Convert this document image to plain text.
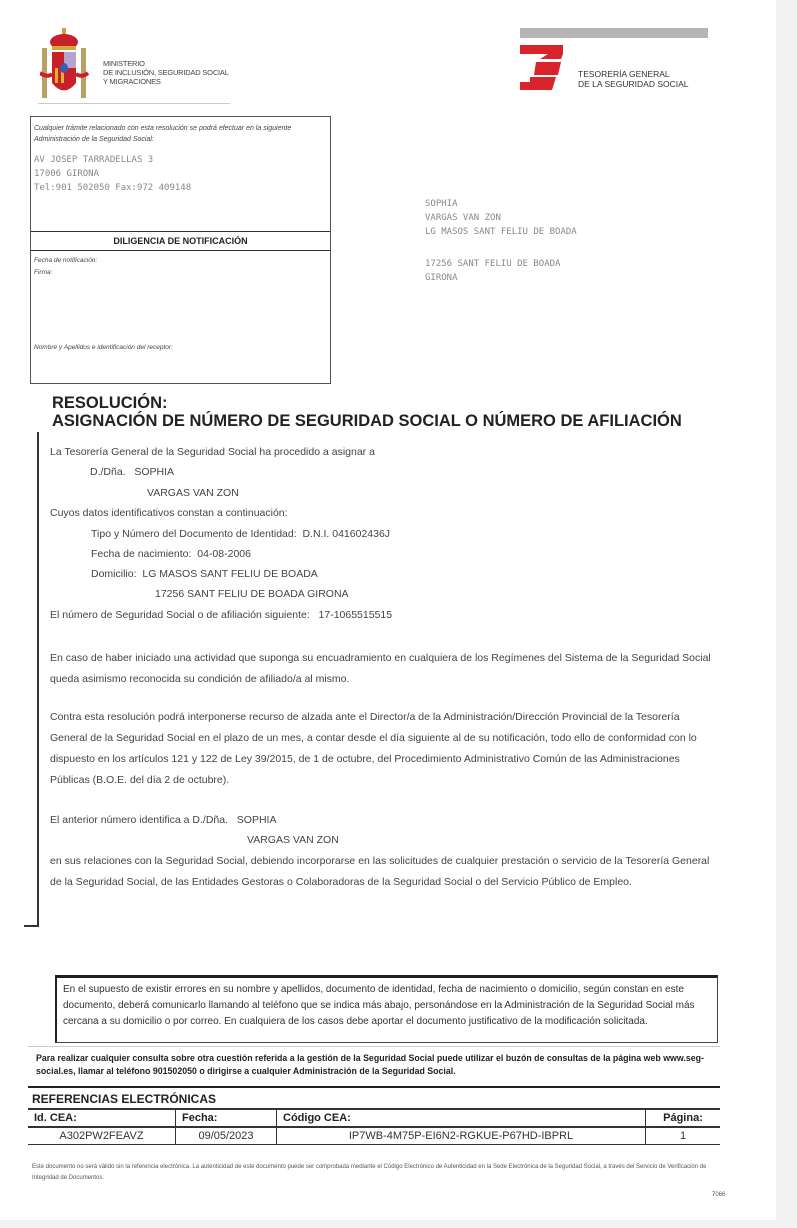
MINISTERIO
DE INCLUSIÓN, SEGURIDAD SOCIAL
Y MIGRACIONES
TESORERÍA GENERAL
DE LA SEGURIDAD SOCIAL
Cualquier trámite relacionado con esta resolución se podrá efectuar en la siguiente Administración de la Seguridad Social:
AV JOSEP TARRADELLAS 3
17006 GIRONA
Tel:901 502050 Fax:972 409148
DILIGENCIA DE NOTIFICACIÓN
Fecha de notificación:
Firma:
Nombre y Apellidos e identificación del receptor:
SOPHIA
VARGAS VAN ZON
LG MASOS SANT FELIU DE BOADA
17256 SANT FELIU DE BOADA
GIRONA
RESOLUCIÓN:
ASIGNACIÓN DE NÚMERO DE SEGURIDAD SOCIAL O NÚMERO DE AFILIACIÓN
La Tesorería General de la Seguridad Social ha procedido a asignar a
D./Dña. SOPHIA
VARGAS VAN ZON
Cuyos datos identificativos constan a continuación:
Tipo y Número del Documento de Identidad: D.N.I. 041602436J
Fecha de nacimiento: 04-08-2006
Domicilio: LG MASOS SANT FELIU DE BOADA
17256 SANT FELIU DE BOADA GIRONA
El número de Seguridad Social o de afiliación siguiente: 17-1065515515
En caso de haber iniciado una actividad que suponga su encuadramiento en cualquiera de los Regímenes del Sistema de la Seguridad Social queda asimismo reconocida su condición de afiliado/a al mismo.
Contra esta resolución podrá interponerse recurso de alzada ante el Director/a de la Administración/Dirección Provincial de la Tesorería General de la Seguridad Social en el plazo de un mes, a contar desde el día siguiente al de su notificación, todo ello de conformidad con lo dispuesto en los artículos 121 y 122 de Ley 39/2015, de 1 de octubre, del Procedimiento Administrativo Común de las Administraciones Públicas (B.O.E. del día 2 de octubre).
El anterior número identifica a D./Dña. SOPHIA
VARGAS VAN ZON
en sus relaciones con la Seguridad Social, debiendo incorporarse en las solicitudes de cualquier prestación o servicio de la Tesorería General de la Seguridad Social, de las Entidades Gestoras o Colaboradoras de la Seguridad Social o del Servicio Público de Empleo.
En el supuesto de existir errores en su nombre y apellidos, documento de identidad, fecha de nacimiento o domicilio, según constan en este documento, deberá comunicarlo llamando al teléfono que se indica más abajo, personándose en la Administración de la Seguridad Social más cercana a su domicilio o por correo. En cualquiera de los casos debe aportar el documento justificativo de la modificación solicitada.
Para realizar cualquier consulta sobre otra cuestión referida a la gestión de la Seguridad Social puede utilizar el buzón de consultas de la página web www.seg-social.es, llamar al teléfono 901502050 o dirigirse a cualquier Administración de la Seguridad Social.
REFERENCIAS ELECTRÓNICAS
Id. CEA:	Fecha:	Código CEA:	Página:
A302PW2FEAVZ	09/05/2023	IP7WB-4M75P-EI6N2-RGKUE-P67HD-IBPRL	1
Este documento no será válido sin la referencia electrónica. La autenticidad de este documento puede ser comprobada mediante el Código Electrónico de Autenticidad en la Sede Electrónica de la Seguridad Social, a través del Servicio de Verificación de Integridad de Documentos.
7066
